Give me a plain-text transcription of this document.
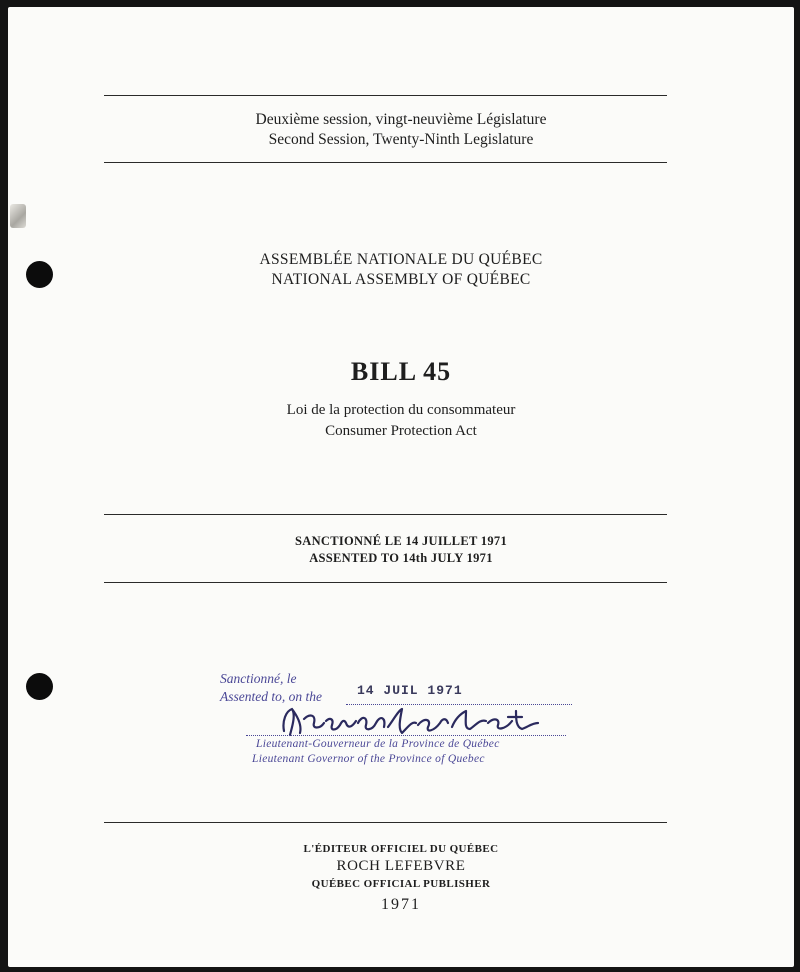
Deuxième session, vingt-neuvième Législature
Second Session, Twenty-Ninth Legislature
ASSEMBLÉE NATIONALE DU QUÉBEC
NATIONAL ASSEMBLY OF QUÉBEC
BILL 45
Loi de la protection du consommateur
Consumer Protection Act
SANCTIONNÉ LE 14 JUILLET 1971
ASSENTED TO 14th JULY 1971
Sanctionné, le
Assented to, on the	14 JUIL 1971
Lieutenant-Gouverneur de la Province de Québec
Lieutenant Governor of the Province of Quebec
L'ÉDITEUR OFFICIEL DU QUÉBEC
ROCH LEFEBVRE
QUÉBEC OFFICIAL PUBLISHER
1971
